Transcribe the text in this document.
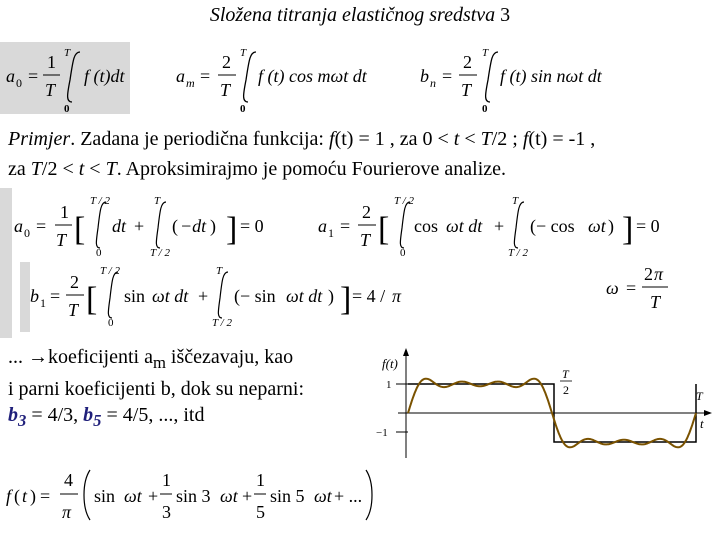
Složena titranja elastičnog sredstva 3
a 0 =
1
T
T
0
f (t)dt	a m =
2
T
T
0
f (t) cos mωt dt	b n =
2
T
T
0
f (t) sin nωt dt
Primjer. Zadana je periodična funkcija: f(t) = 1 , za 0 < t < T/2 ; f(t) = -1 ,
za T/2 < t < T. Aproksimirajmo je pomoću Fourierove analize.
a 0 =
1
T [
T / 2
0
dt +
T
T / 2
( −dt ) ] = 0	a 1 =
2
T [
T / 2
0
cos ωt dt +
T
T / 2
(− cos ωt ) ] = 0
b 1 =
2
T [
T / 2
0
sin ωt dt +
T
T / 2
(− sin ωt dt ) ] = 4 / π	ω =
2 π
T
... →koeficijenti $a_m$ iščezavaju, kao
i parni koeficijenti b, dok su neparni:
$b_3 = 4/3$, $b_5 = 4/5$, ..., itd
f ( t ) =
4
π
sin ωt +
1
3
sin 3 ωt +
1
5
sin 5 ωt + ...
f(t)
1
−1
T
2	T
t
